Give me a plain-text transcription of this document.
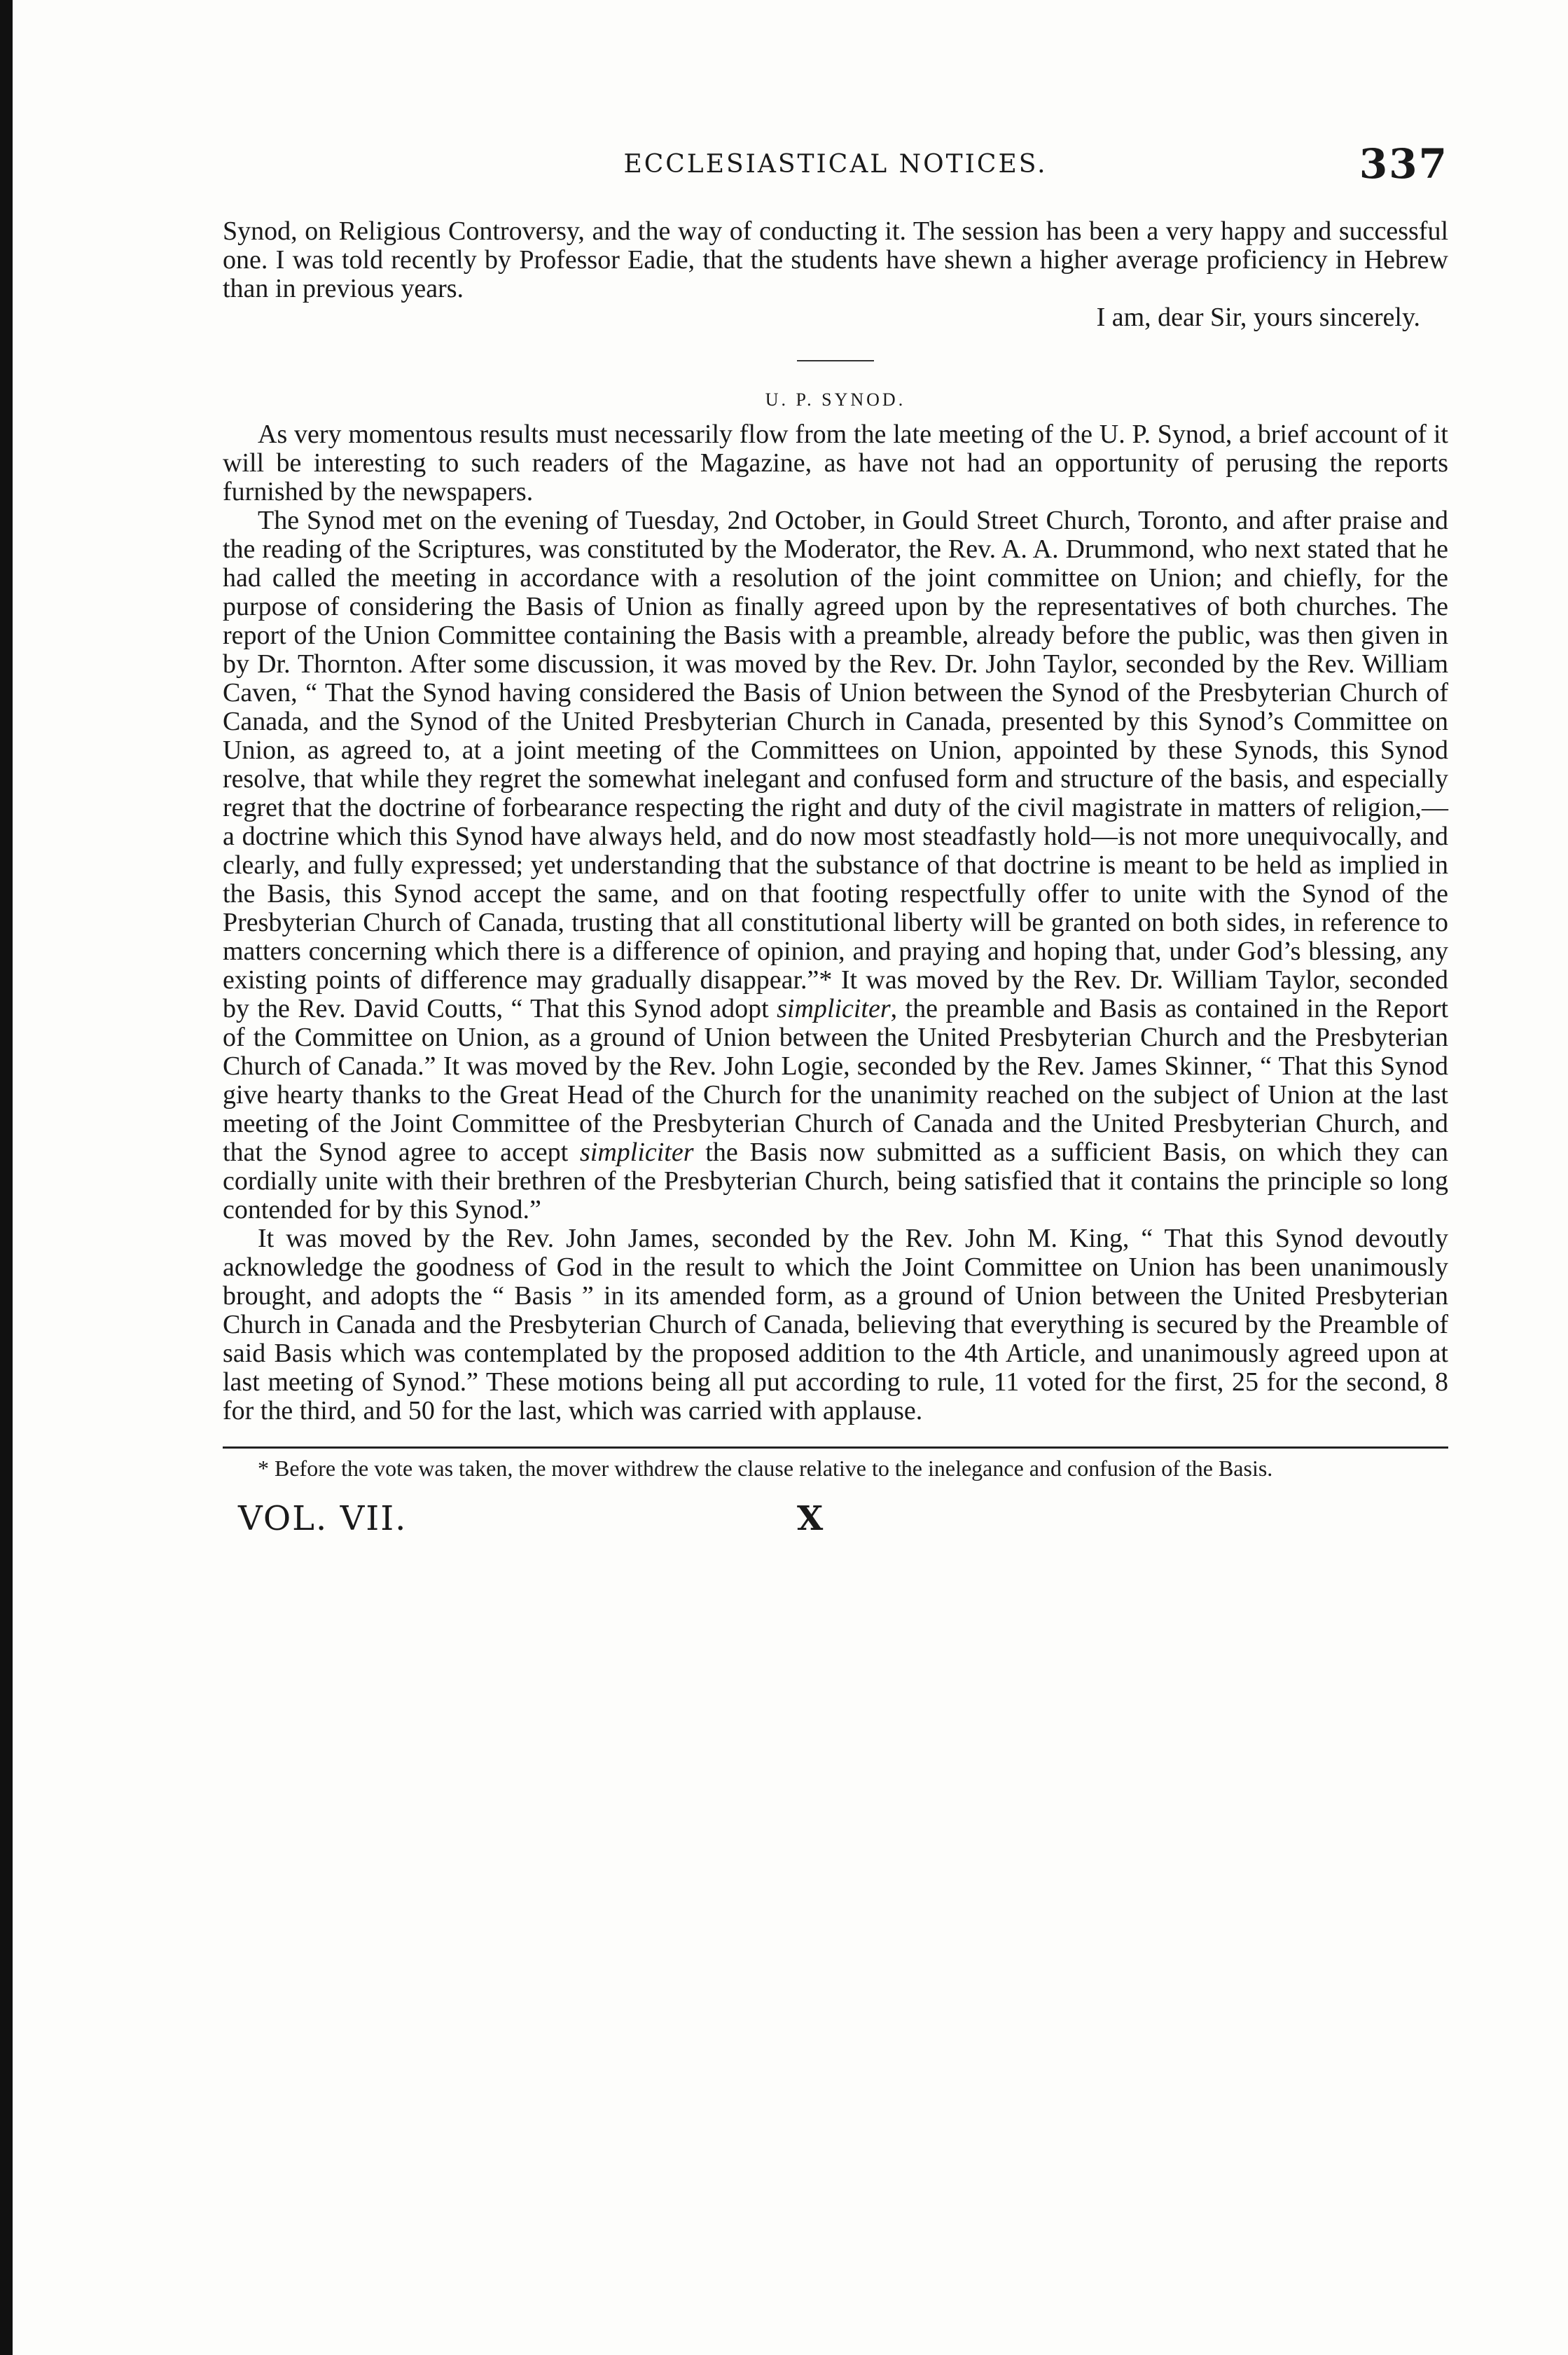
ECCLESIASTICAL NOTICES.	337

Synod, on Religious Controversy, and the way of conducting it. The session has been a very happy and successful one. I was told recently by Professor Eadie, that the students have shewn a higher average proficiency in Hebrew than in previous years.

I am, dear Sir, yours sincerely.
U. P. SYNOD.

As very momentous results must necessarily flow from the late meeting of the U. P. Synod, a brief account of it will be interesting to such readers of the Magazine, as have not had an opportunity of perusing the reports furnished by the newspapers.

The Synod met on the evening of Tuesday, 2nd October, in Gould Street Church, Toronto, and after praise and the reading of the Scriptures, was constituted by the Moderator, the Rev. A. A. Drummond, who next stated that he had called the meeting in accordance with a resolution of the joint committee on Union; and chiefly, for the purpose of considering the Basis of Union as finally agreed upon by the representatives of both churches. The report of the Union Committee containing the Basis with a preamble, already before the public, was then given in by Dr. Thornton. After some discussion, it was moved by the Rev. Dr. John Taylor, seconded by the Rev. William Caven, “ That the Synod having considered the Basis of Union between the Synod of the Presbyterian Church of Canada, and the Synod of the United Presbyterian Church in Canada, presented by this Synod’s Committee on Union, as agreed to, at a joint meeting of the Committees on Union, appointed by these Synods, this Synod resolve, that while they regret the somewhat inelegant and confused form and structure of the basis, and especially regret that the doctrine of forbearance respecting the right and duty of the civil magistrate in matters of religion,—a doctrine which this Synod have always held, and do now most steadfastly hold—is not more unequivocally, and clearly, and fully expressed; yet understanding that the substance of that doctrine is meant to be held as implied in the Basis, this Synod accept the same, and on that footing respectfully offer to unite with the Synod of the Presbyterian Church of Canada, trusting that all constitutional liberty will be granted on both sides, in reference to matters concerning which there is a difference of opinion, and praying and hoping that, under God’s blessing, any existing points of difference may gradually disappear.”* It was moved by the Rev. Dr. William Taylor, seconded by the Rev. David Coutts, “ That this Synod adopt simpliciter, the preamble and Basis as contained in the Report of the Committee on Union, as a ground of Union between the United Presbyterian Church and the Presbyterian Church of Canada.” It was moved by the Rev. John Logie, seconded by the Rev. James Skinner, “ That this Synod give hearty thanks to the Great Head of the Church for the unanimity reached on the subject of Union at the last meeting of the Joint Committee of the Presbyterian Church of Canada and the United Presbyterian Church, and that the Synod agree to accept simpliciter the Basis now submitted as a sufficient Basis, on which they can cordially unite with their brethren of the Presbyterian Church, being satisfied that it contains the principle so long contended for by this Synod.”

It was moved by the Rev. John James, seconded by the Rev. John M. King, “ That this Synod devoutly acknowledge the goodness of God in the result to which the Joint Committee on Union has been unanimously brought, and adopts the “ Basis ” in its amended form, as a ground of Union between the United Presbyterian Church in Canada and the Presbyterian Church of Canada, believing that everything is secured by the Preamble of said Basis which was contemplated by the proposed addition to the 4th Article, and unanimously agreed upon at last meeting of Synod.” These motions being all put according to rule, 11 voted for the first, 25 for the second, 8 for the third, and 50 for the last, which was carried with applause.

* Before the vote was taken, the mover withdrew the clause relative to the inelegance and confusion of the Basis.

VOL. VII.	X
